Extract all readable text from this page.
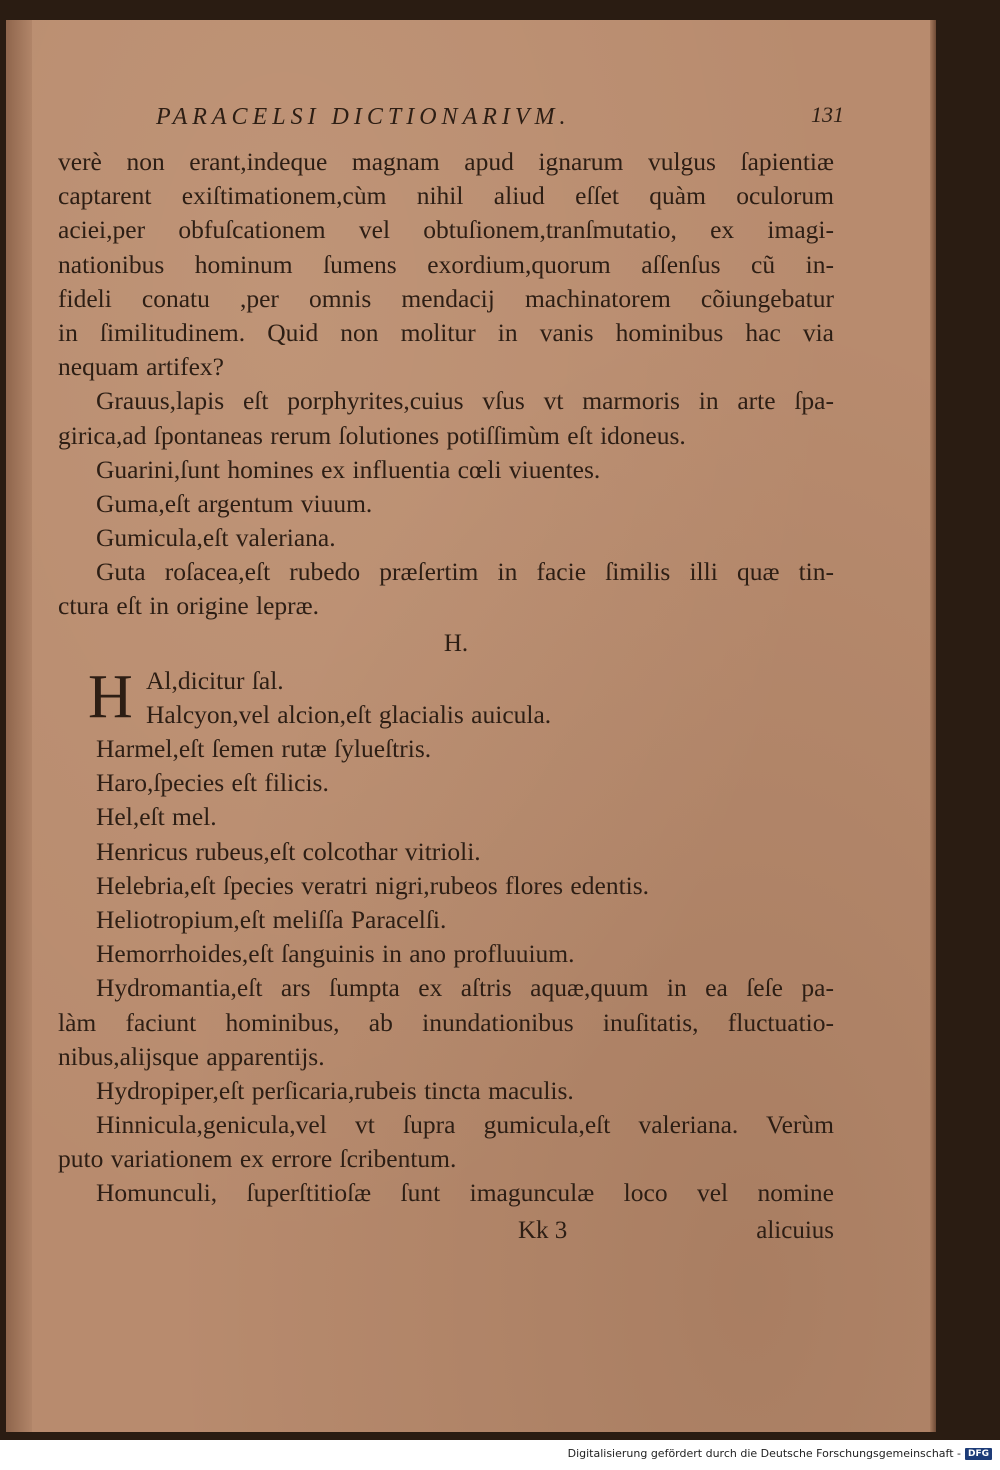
PARACELSI DICTIONARIVM.	131
verè non erant,indeque magnam apud ignarum vulgus ſapientiæ
captarent exiſtimationem,cùm nihil aliud eſſet quàm oculorum
aciei,per obfuſcationem vel obtuſionem,tranſmutatio, ex imagi-
nationibus hominum ſumens exordium,quorum aſſenſus cũ in-
fideli conatu ,per omnis mendacij machinatorem cõiungebatur
in ſimilitudinem. Quid non molitur in vanis hominibus hac via
nequam artifex?
Grauus,lapis eſt porphyrites,cuius vſus vt marmoris in arte ſpa-
girica,ad ſpontaneas rerum ſolutiones potiſſimùm eſt idoneus.
Guarini,ſunt homines ex influentia cœli viuentes.
Guma,eſt argentum viuum.
Gumicula,eſt valeriana.
Guta roſacea,eſt rubedo præſertim in facie ſimilis illi quæ tin-
ctura eſt in origine lepræ.
H.
H Al,dicitur ſal.
Halcyon,vel alcion,eſt glacialis auicula.
Harmel,eſt ſemen rutæ ſylueſtris.
Haro,ſpecies eſt filicis.
Hel,eſt mel.
Henricus rubeus,eſt colcothar vitrioli.
Helebria,eſt ſpecies veratri nigri,rubeos flores edentis.
Heliotropium,eſt meliſſa Paracelſi.
Hemorrhoides,eſt ſanguinis in ano profluuium.
Hydromantia,eſt ars ſumpta ex aſtris aquæ,quum in ea ſeſe pa-
làm faciunt hominibus, ab inundationibus inuſitatis, fluctuatio-
nibus,alijsque apparentijs.
Hydropiper,eſt perſicaria,rubeis tincta maculis.
Hinnicula,genicula,vel vt ſupra gumicula,eſt valeriana. Verùm
puto variationem ex errore ſcribentum.
Homunculi, ſuperſtitioſæ ſunt imagunculæ loco vel nomine
Kk 3	alicuius
Digitalisierung gefördert durch die Deutsche Forschungsgemeinschaft - DFG
